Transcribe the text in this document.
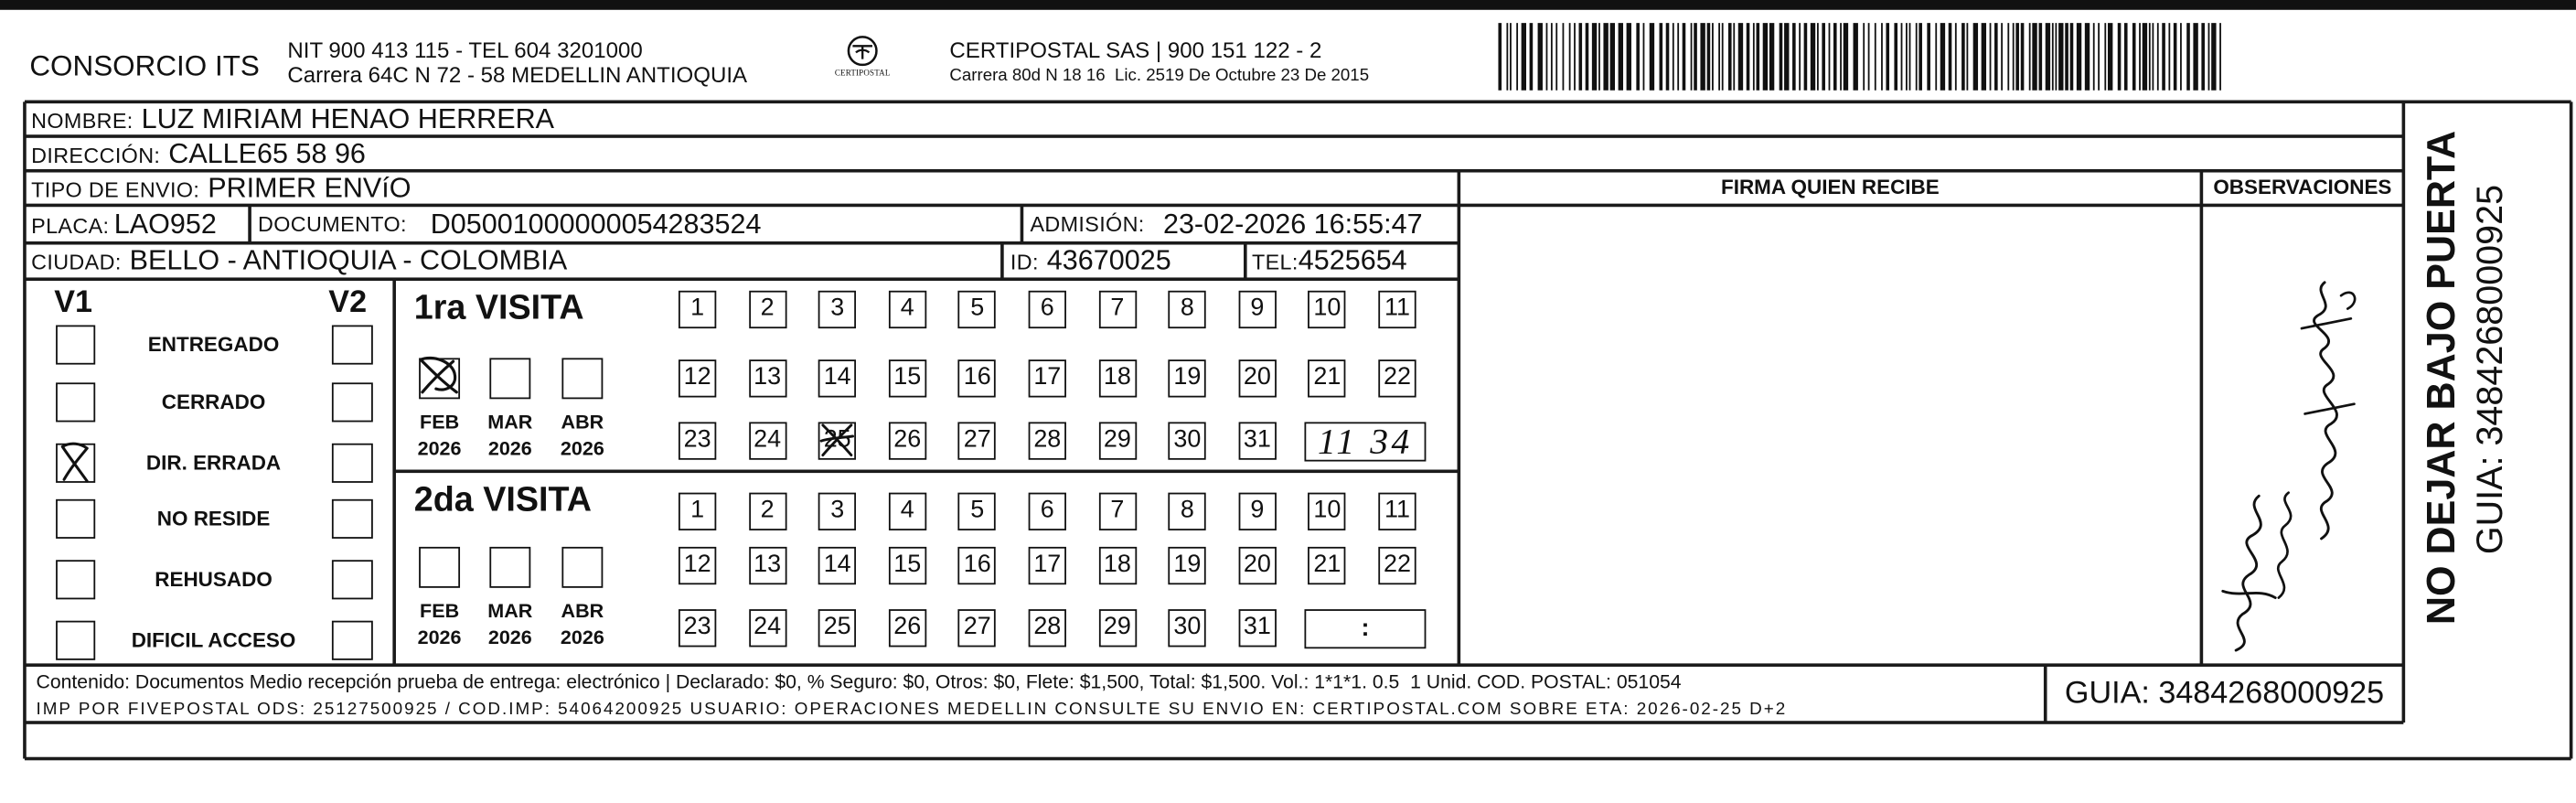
CONSORCIO ITS NIT 900 413 115 - TEL 604 3201000
Carrera 64C N 72 - 58 MEDELLIN ANTIOQUIA	CERTIPOSTAL
CERTIPOSTAL SAS | 900 151 122 - 2
Carrera 80d N 18 16  Lic. 2519 De Octubre 23 De 2015
NOMBRE: LUZ MIRIAM HENAO HERRERA
DIRECCIÓN: CALLE65 58 96
TIPO DE ENVIO: PRIMER ENVíO
PLACA: LAO952	DOCUMENTO: D05001000000054283524	ADMISIÓN: 23-02-2026 16:55:47
CIUDAD: BELLO - ANTIOQUIA - COLOMBIA	ID: 43670025	TEL:4525654
FIRMA QUIEN RECIBE	OBSERVACIONES
V1	V2	NO DEJAR BAJO PUERTA GUIA: 3484268000925
Contenido: Documentos Medio recepción prueba de entrega: electrónico | Declarado: $0, % Seguro: $0, Otros: $0, Flete: $1,500, Total: $1,500. Vol.: 1*1*1. 0.5  1 Unid. COD. POSTAL: 051054
IMP POR FIVEPOSTAL ODS: 25127500925 / COD.IMP: 54064200925 USUARIO: OPERACIONES MEDELLIN CONSULTE SU ENVIO EN: CERTIPOSTAL.COM SOBRE ETA: 2026-02-25 D+2	GUIA: 3484268000925
ENTREGADO
CERRADO
DIR. ERRADA
NO RESIDE
REHUSADO
DIFICIL ACCESO
1ra VISITA
FEB
2026
MAR
2026
ABR
2026
1	2	3	4	5	6	7	8	9	10	11
12	13	14	15	16	17	18	19	20	21	22
23	24	25	26	27	28	29	30	31	11 34
2da VISITA
FEB
2026
MAR
2026
ABR
2026
1	2	3	4	5	6	7	8	9	10	11
12	13	14	15	16	17	18	19	20	21	22
23	24	25	26	27	28	29	30	31	:
